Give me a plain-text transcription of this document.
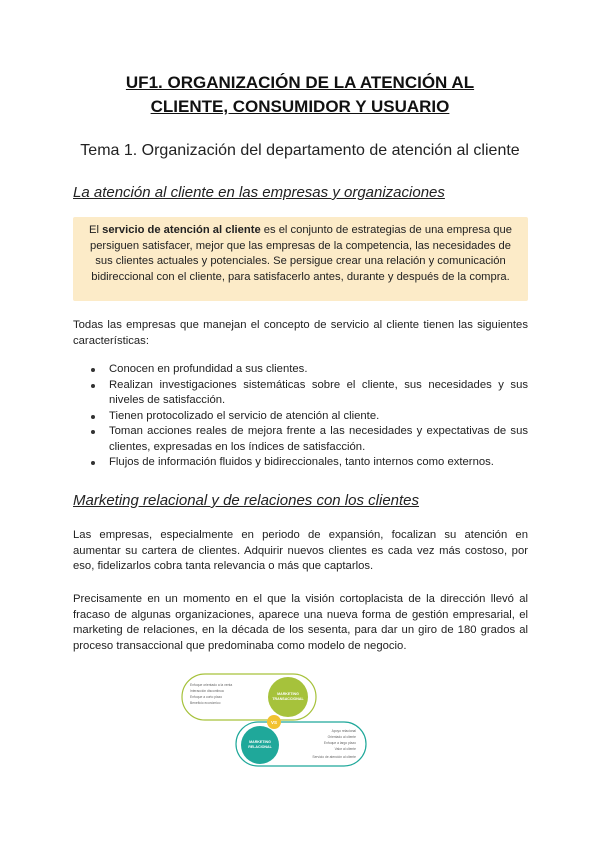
UF1. ORGANIZACIÓN DE LA ATENCIÓN AL
CLIENTE, CONSUMIDOR Y USUARIO
Tema 1. Organización del departamento de atención al cliente
La atención al cliente en las empresas y organizaciones
El servicio de atención al cliente es el conjunto de estrategias de una empresa que persiguen satisfacer, mejor que las empresas de la competencia, las necesidades de sus clientes actuales y potenciales. Se persigue crear una relación y comunicación bidireccional con el cliente, para satisfacerlo antes, durante y después de la compra.
Todas las empresas que manejan el concepto de servicio al cliente tienen las siguientes características:
Conocen en profundidad a sus clientes.
Realizan investigaciones sistemáticas sobre el cliente, sus necesidades y sus niveles de satisfacción.
Tienen protocolizado el servicio de atención al cliente.
Toman acciones reales de mejora frente a las necesidades y expectativas de sus clientes, expresadas en los índices de satisfacción.
Flujos de información fluidos y bidireccionales, tanto internos como externos.
Marketing relacional y de relaciones con los clientes
Las empresas, especialmente en periodo de expansión, focalizan su atención en aumentar su cartera de clientes. Adquirir nuevos clientes es cada vez más costoso, por eso, fidelizarlos cobra tanta relevancia o más que captarlos.
Precisamente en un momento en el que la visión cortoplacista de la dirección llevó al fracaso de algunas organizaciones, aparece una nueva forma de gestión empresarial, el marketing de relaciones, en la década de los sesenta, para dar un giro de 180 grados al proceso transaccional que predominaba como modelo de negocio.
MARKETING
TRANSACCIONAL
MARKETING
RELACIONAL
VS
Enfoque orientado a la venta
Interacción discontinua
Enfoque a corto plazo
Beneficio económico
Apoyo relacional
Orientado al cliente
Enfoque a largo plazo
Valor al cliente
Servicio de atención al cliente
